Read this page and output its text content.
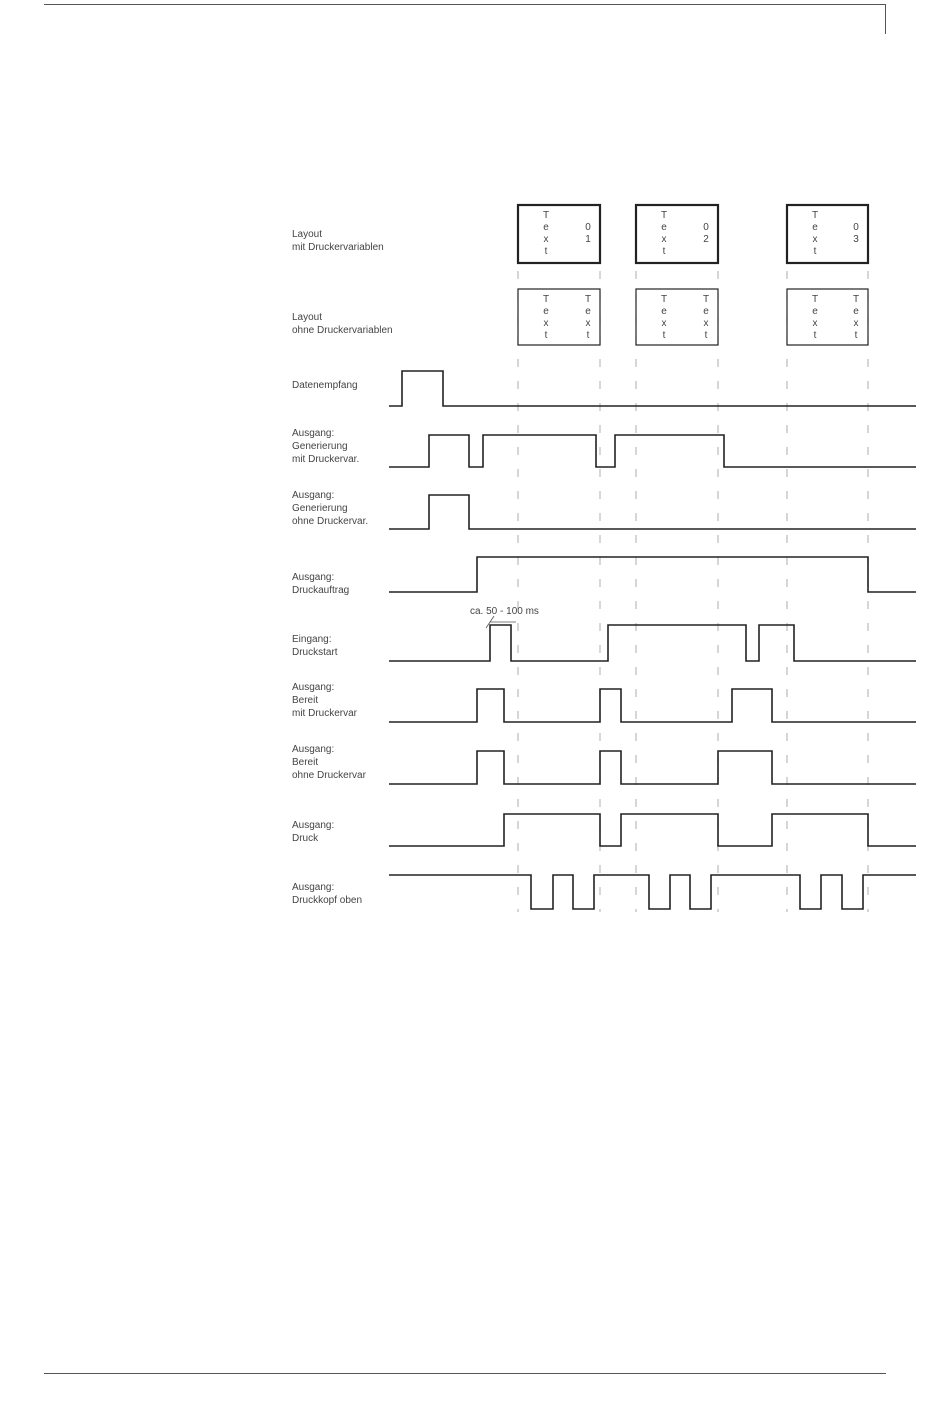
T
e
x
t
0
1
T
e
x
t
0
2
T
e
x
t
0
3
T
e
x
t
T
e
x
t
T
e
x
t
T
e
x
t
T
e
x
t
T
e
x
t
Layout
mit Druckervariablen
Layout
ohne Druckervariablen
Datenempfang
Ausgang:
Generierung
mit Druckervar.
Ausgang:
Generierung
ohne Druckervar.
Ausgang:
Druckauftrag
Eingang:
Druckstart
Ausgang:
Bereit
mit Druckervar
Ausgang:
Bereit
ohne Druckervar
Ausgang:
Druck
Ausgang:
Druckkopf oben
ca. 50 - 100 ms
